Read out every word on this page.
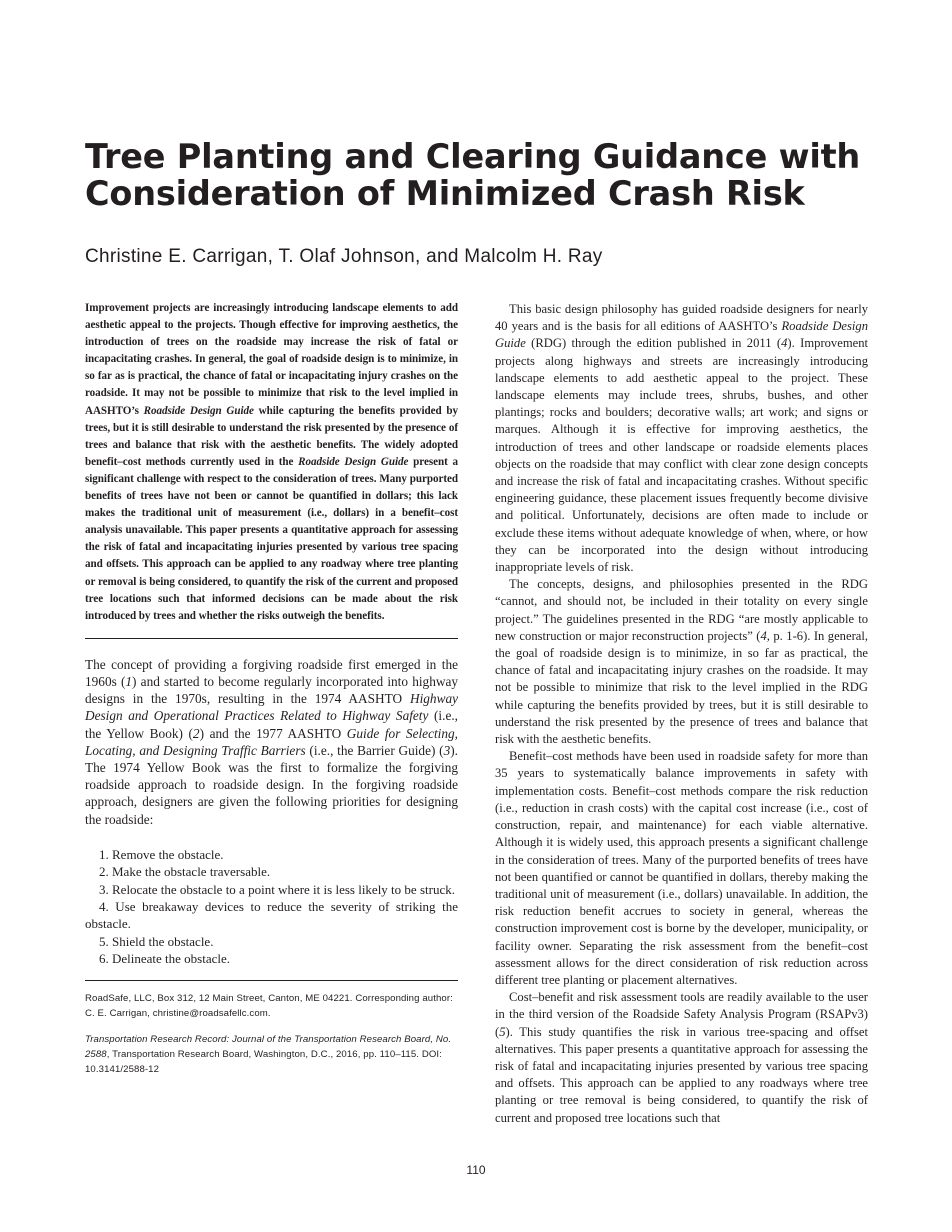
Tree Planting and Clearing Guidance with
Consideration of Minimized Crash Risk
Christine E. Carrigan, T. Olaf Johnson, and Malcolm H. Ray

Improvement projects are increasingly introducing landscape elements to add aesthetic appeal to the projects. Though effective for improving aesthetics, the introduction of trees on the roadside may increase the risk of fatal or incapacitating crashes. In general, the goal of roadside design is to minimize, in so far as is practical, the chance of fatal or incapacitating injury crashes on the roadside. It may not be possible to minimize that risk to the level implied in AASHTO’s Roadside Design Guide while capturing the benefits provided by trees, but it is still desirable to understand the risk presented by the presence of trees and balance that risk with the aesthetic benefits. The widely adopted benefit–cost methods currently used in the Roadside Design Guide present a significant challenge with respect to the consideration of trees. Many purported benefits of trees have not been or cannot be quantified in dollars; this lack makes the traditional unit of measurement (i.e., dollars) in a benefit–cost analysis unavailable. This paper presents a quantitative approach for assessing the risk of fatal and incapacitating injuries presented by various tree spacing and offsets. This approach can be applied to any roadway where tree planting or removal is being considered, to quantify the risk of the current and proposed tree locations such that informed decisions can be made about the risk introduced by trees and whether the risks outweigh the benefits.

The concept of providing a forgiving roadside first emerged in the 1960s (1) and started to become regularly incorporated into highway designs in the 1970s, resulting in the 1974 AASHTO Highway Design and Operational Practices Related to Highway Safety (i.e., the Yellow Book) (2) and the 1977 AASHTO Guide for Selecting, Locating, and Designing Traffic Barriers (i.e., the Barrier Guide) (3). The 1974 Yellow Book was the first to formalize the forgiving roadside approach to roadside design. In the forgiving roadside approach, designers are given the following priorities for designing the roadside:

1. Remove the obstacle.
2. Make the obstacle traversable.
3. Relocate the obstacle to a point where it is less likely to be struck.
4. Use breakaway devices to reduce the severity of striking the obstacle.
5. Shield the obstacle.
6. Delineate the obstacle.

RoadSafe, LLC, Box 312, 12 Main Street, Canton, ME 04221. Corresponding author: C. E. Carrigan, christine@roadsafellc.com.

Transportation Research Record: Journal of the Transportation Research Board, No. 2588, Transportation Research Board, Washington, D.C., 2016, pp. 110–115. DOI: 10.3141/2588-12

This basic design philosophy has guided roadside designers for nearly 40 years and is the basis for all editions of AASHTO’s Roadside Design Guide (RDG) through the edition published in 2011 (4). Improvement projects along highways and streets are increasingly introducing landscape elements to add aesthetic appeal to the project. These landscape elements may include trees, shrubs, bushes, and other plantings; rocks and boulders; decorative walls; art work; and signs or marques. Although it is effective for improving aesthetics, the introduction of trees and other landscape or roadside elements places objects on the roadside that may conflict with clear zone design concepts and increase the risk of fatal and incapacitating crashes. Without specific engineering guidance, these placement issues frequently become divisive and political. Unfortunately, decisions are often made to include or exclude these items without adequate knowledge of when, where, or how they can be incorporated into the design without introducing inappropriate levels of risk.

The concepts, designs, and philosophies presented in the RDG “cannot, and should not, be included in their totality on every single project.” The guidelines presented in the RDG “are mostly applicable to new construction or major reconstruction projects” (4, p. 1-6). In general, the goal of roadside design is to minimize, in so far as practical, the chance of fatal and incapacitating injury crashes on the roadside. It may not be possible to minimize that risk to the level implied in the RDG while capturing the benefits provided by trees, but it is still desirable to understand the risk presented by the presence of trees and balance that risk with the aesthetic benefits.

Benefit–cost methods have been used in roadside safety for more than 35 years to systematically balance improvements in safety with implementation costs. Benefit–cost methods compare the risk reduction (i.e., reduction in crash costs) with the capital cost increase (i.e., cost of construction, repair, and maintenance) for each viable alternative. Although it is widely used, this approach presents a significant challenge in the consideration of trees. Many of the purported benefits of trees have not been quantified or cannot be quantified in dollars, thereby making the traditional unit of measurement (i.e., dollars) unavailable. In addition, the risk reduction benefit accrues to society in general, whereas the construction improvement cost is borne by the developer, municipality, or facility owner. Separating the risk assessment from the benefit–cost assessment allows for the direct consideration of risk reduction across different tree planting or placement alternatives.

Cost–benefit and risk assessment tools are readily available to the user in the third version of the Roadside Safety Analysis Program (RSAPv3) (5). This study quantifies the risk in various tree-spacing and offset alternatives. This paper presents a quantitative approach for assessing the risk of fatal and incapacitating injuries presented by various tree spacing and offsets. This approach can be applied to any roadways where tree planting or tree removal is being considered, to quantify the risk of current and proposed tree locations such that

110
